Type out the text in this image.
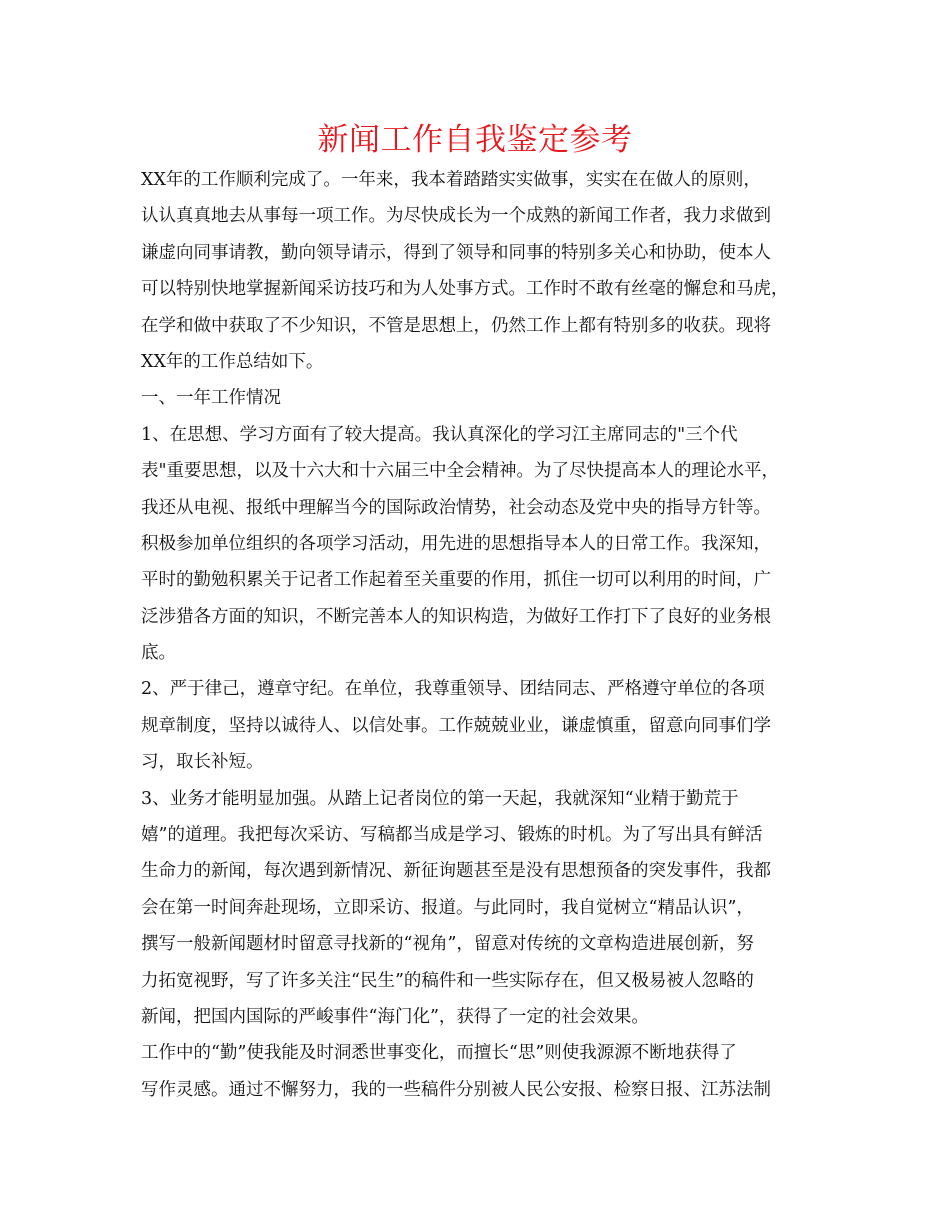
新闻工作自我鉴定参考
XX年的工作顺利完成了。一年来，我本着踏踏实实做事，实实在在做人的原则，
认认真真地去从事每一项工作。为尽快成长为一个成熟的新闻工作者，我力求做到
谦虚向同事请教，勤向领导请示，得到了领导和同事的特别多关心和协助，使本人
可以特别快地掌握新闻采访技巧和为人处事方式。工作时不敢有丝毫的懈怠和马虎，
在学和做中获取了不少知识，不管是思想上，仍然工作上都有特别多的收获。现将
XX年的工作总结如下。
一、一年工作情况
1、在思想、学习方面有了较大提高。我认真深化的学习江主席同志的"三个代
表"重要思想，以及十六大和十六届三中全会精神。为了尽快提高本人的理论水平，
我还从电视、报纸中理解当今的国际政治情势，社会动态及党中央的指导方针等。
积极参加单位组织的各项学习活动，用先进的思想指导本人的日常工作。我深知，
平时的勤勉积累关于记者工作起着至关重要的作用，抓住一切可以利用的时间，广
泛涉猎各方面的知识，不断完善本人的知识构造，为做好工作打下了良好的业务根
底。
2、严于律己，遵章守纪。在单位，我尊重领导、团结同志、严格遵守单位的各项
规章制度，坚持以诚待人、以信处事。工作兢兢业业，谦虚慎重，留意向同事们学
习，取长补短。
3、业务才能明显加强。从踏上记者岗位的第一天起，我就深知“业精于勤荒于
嬉”的道理。我把每次采访、写稿都当成是学习、锻炼的时机。为了写出具有鲜活
生命力的新闻，每次遇到新情况、新征询题甚至是没有思想预备的突发事件，我都
会在第一时间奔赴现场，立即采访、报道。与此同时，我自觉树立“精品认识”，
撰写一般新闻题材时留意寻找新的“视角”，留意对传统的文章构造进展创新，努
力拓宽视野，写了许多关注“民生”的稿件和一些实际存在，但又极易被人忽略的
新闻，把国内国际的严峻事件“海门化”，获得了一定的社会效果。
工作中的“勤”使我能及时洞悉世事变化，而擅长“思”则使我源源不断地获得了
写作灵感。通过不懈努力，我的一些稿件分别被人民公安报、检察日报、江苏法制
